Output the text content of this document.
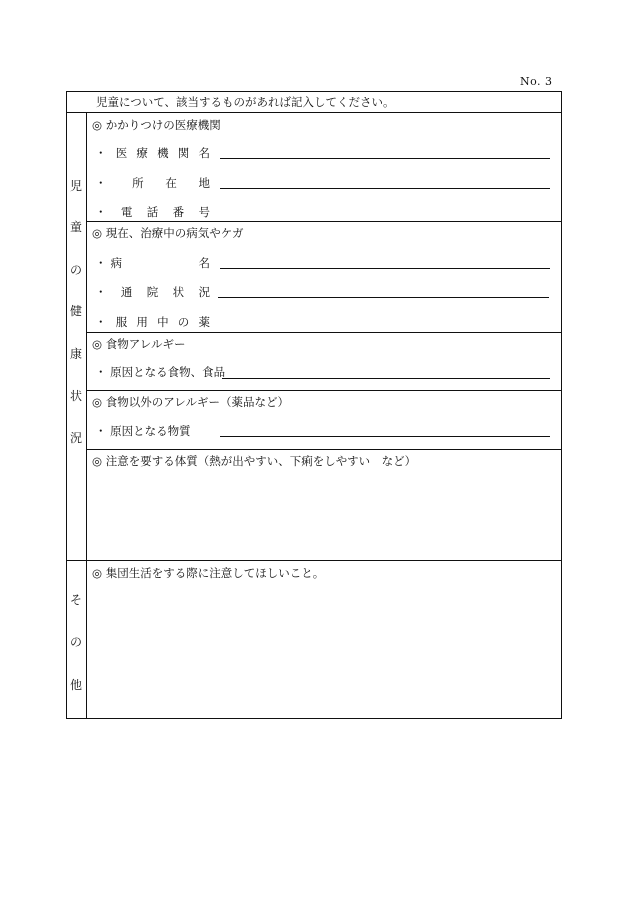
No. 3
児童について、該当するものがあれば記入してください。
児
童
の
健
康
状
況
◎ かかりつけの医療機関
・ 医 療 機 関 名
・ 所 在 地
・ 電 話 番 号
◎ 現在、治療中の病気やケガ
・ 病	名
・ 通 院 状 況
・ 服 用 中 の 薬
◎ 食物アレルギー
・ 原因となる食物、食品
◎ 食物以外のアレルギー（薬品など）
・ 原因となる物質
◎ 注意を要する体質（熱が出やすい、下痢をしやすい　など）
そ
の
他
◎ 集団生活をする際に注意してほしいこと。
